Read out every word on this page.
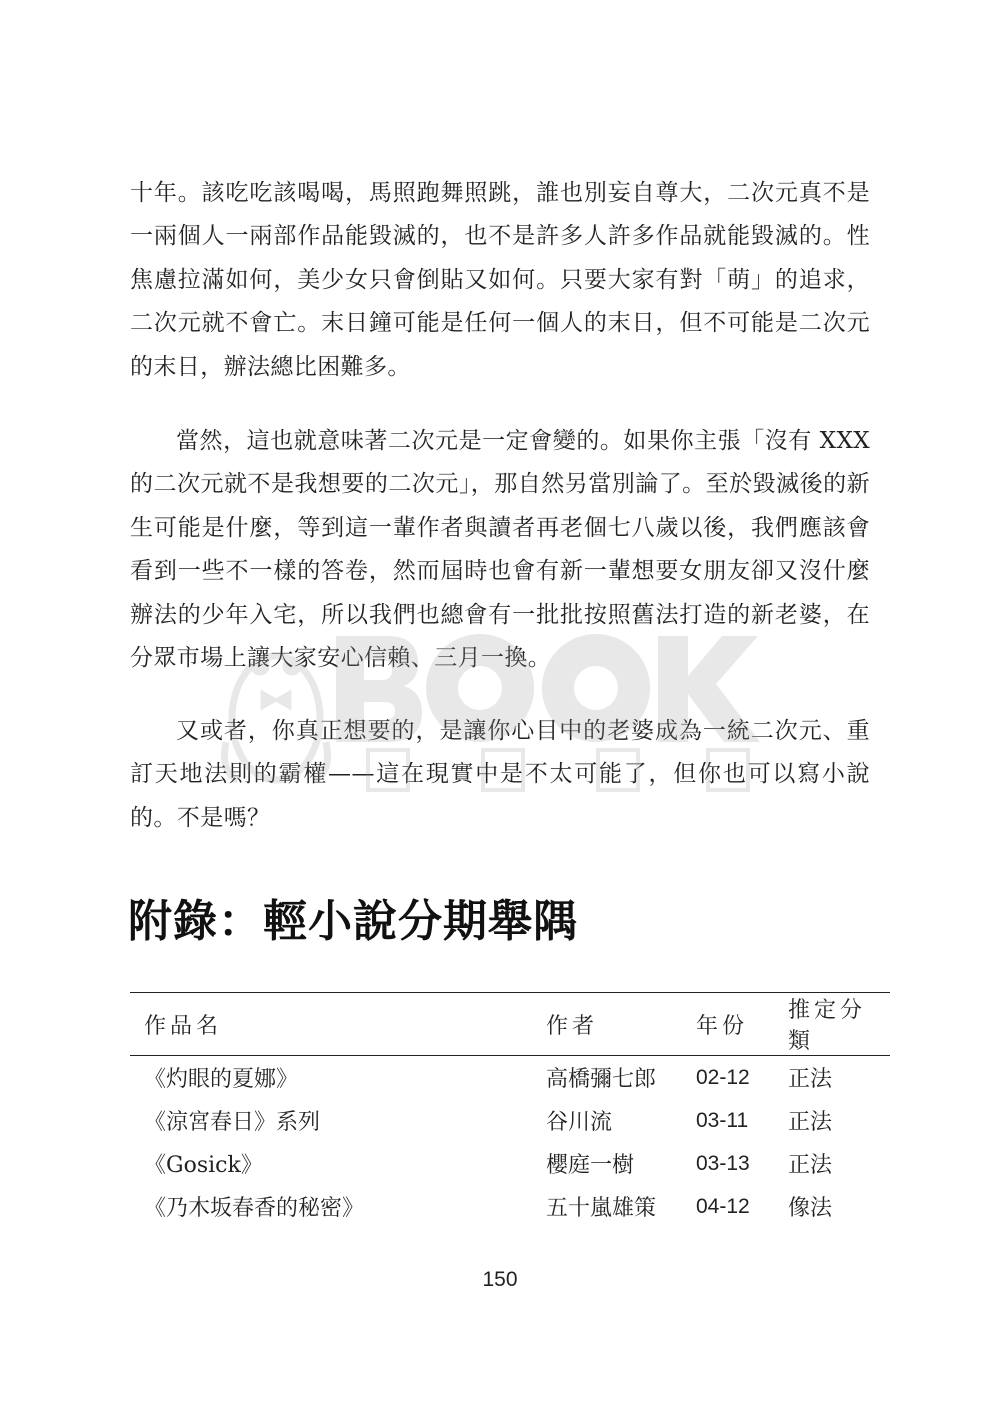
十年。該吃吃該喝喝，馬照跑舞照跳，誰也別妄自尊大，二次元真不是一兩個人一兩部作品能毀滅的，也不是許多人許多作品就能毀滅的。性焦慮拉滿如何，美少女只會倒貼又如何。只要大家有對「萌」的追求，二次元就不會亡。末日鐘可能是任何一個人的末日，但不可能是二次元的末日，辦法總比困難多。

當然，這也就意味著二次元是一定會變的。如果你主張「沒有 XXX 的二次元就不是我想要的二次元」，那自然另當別論了。至於毀滅後的新生可能是什麼，等到這一輩作者與讀者再老個七八歲以後，我們應該會看到一些不一樣的答卷，然而屆時也會有新一輩想要女朋友卻又沒什麼辦法的少年入宅，所以我們也總會有一批批按照舊法打造的新老婆，在分眾市場上讓大家安心信賴、三月一換。

又或者，你真正想要的，是讓你心目中的老婆成為一統二次元、重訂天地法則的霸權——這在現實中是不太可能了，但你也可以寫小說的。不是嗎？

附錄：輕小說分期舉隅
作品名	作者	年份	推定分類
《灼眼的夏娜》	高橋彌七郎	02-12	正法
《涼宮春日》系列	谷川流	03-11	正法
《Gosick》	櫻庭一樹	03-13	正法
《乃木坂春香的秘密》	五十嵐雄策	04-12	像法
150
